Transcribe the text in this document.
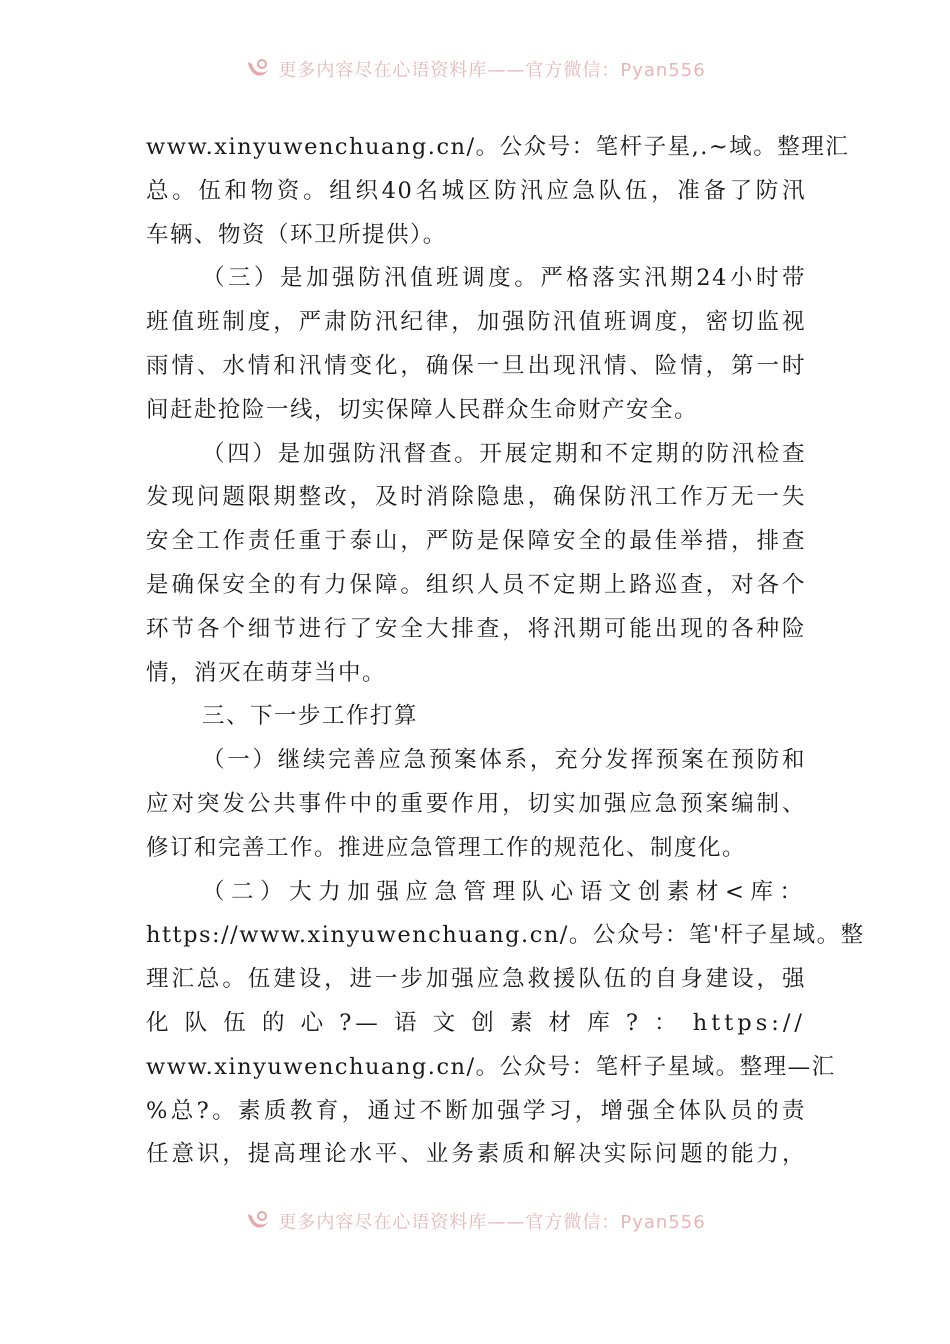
更多内容尽在心语资料库——官方微信：Pyan556
www.xinyuwenchuang.cn/。公众号：笔杆子星,.~域。整理汇
总。伍和物资。组织40名城区防汛应急队伍，准备了防汛
车辆、物资（环卫所提供）。
（三）是加强防汛值班调度。严格落实汛期24小时带
班值班制度，严肃防汛纪律，加强防汛值班调度，密切监视
雨情、水情和汛情变化，确保一旦出现汛情、险情，第一时
间赶赴抢险一线，切实保障人民群众生命财产安全。
（四）是加强防汛督查。开展定期和不定期的防汛检查
发现问题限期整改，及时消除隐患，确保防汛工作万无一失
安全工作责任重于泰山，严防是保障安全的最佳举措，排查
是确保安全的有力保障。组织人员不定期上路巡查，对各个
环节各个细节进行了安全大排查，将汛期可能出现的各种险
情，消灭在萌芽当中。
三、下一步工作打算
（一）继续完善应急预案体系，充分发挥预案在预防和
应对突发公共事件中的重要作用，切实加强应急预案编制、
修订和完善工作。推进应急管理工作的规范化、制度化。
（二）大力加强应急管理队心语文创素材<库：
https://www.xinyuwenchuang.cn/。公众号：笔'杆子星域。整
理汇总。伍建设，进一步加强应急救援队伍的自身建设，强
化队伍的心?—语文创素材库?：https://
www.xinyuwenchuang.cn/。公众号：笔杆子星域。整理—汇
%总?。素质教育，通过不断加强学习，增强全体队员的责
任意识，提高理论水平、业务素质和解决实际问题的能力，
更多内容尽在心语资料库——官方微信：Pyan556
